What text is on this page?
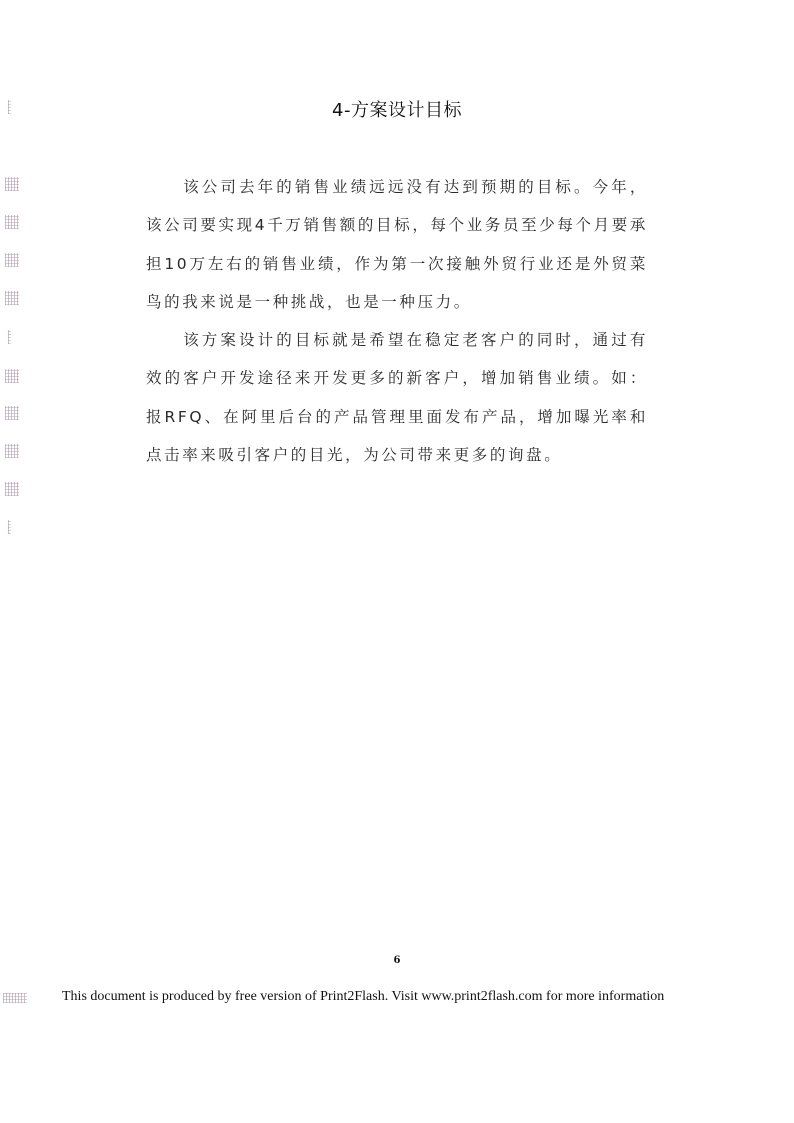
4-方案设计目标

该公司去年的销售业绩远远没有达到预期的目标。今年，该公司要实现4千万销售额的目标，每个业务员至少每个月要承担10万左右的销售业绩，作为第一次接触外贸行业还是外贸菜鸟的我来说是一种挑战，也是一种压力。

该方案设计的目标就是希望在稳定老客户的同时，通过有效的客户开发途径来开发更多的新客户，增加销售业绩。如：报RFQ、在阿里后台的产品管理里面发布产品，增加曝光率和点击率来吸引客户的目光，为公司带来更多的询盘。

6
This document is produced by free version of Print2Flash. Visit www.print2flash.com for more information
